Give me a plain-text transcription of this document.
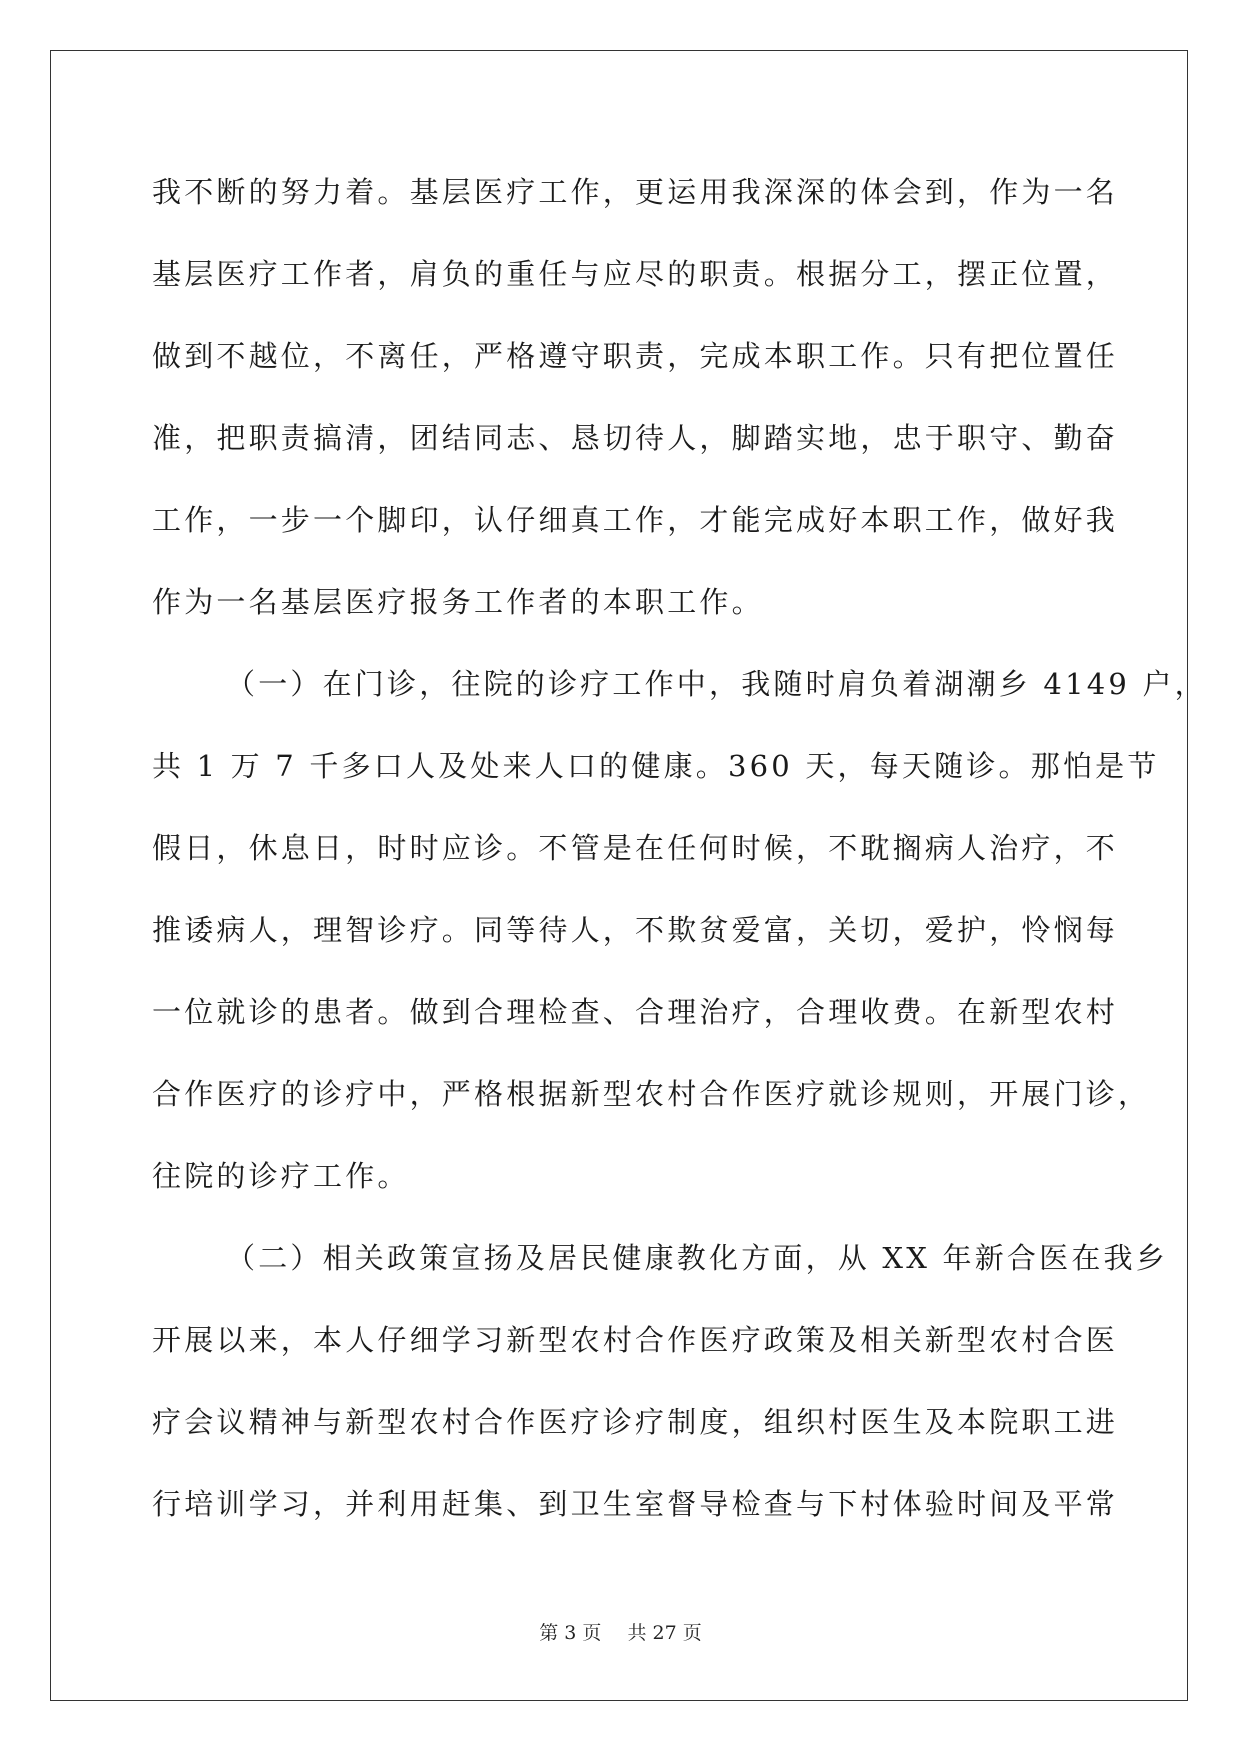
我不断的努力着。基层医疗工作，更运用我深深的体会到，作为一名
基层医疗工作者，肩负的重任与应尽的职责。根据分工，摆正位置，
做到不越位，不离任，严格遵守职责，完成本职工作。只有把位置任
准，把职责搞清，团结同志、恳切待人，脚踏实地，忠于职守、勤奋
工作，一步一个脚印，认仔细真工作，才能完成好本职工作，做好我
作为一名基层医疗报务工作者的本职工作。
（一）在门诊，往院的诊疗工作中，我随时肩负着湖潮乡 4149 户，
共 1 万 7 千多口人及处来人口的健康。360 天，每天随诊。那怕是节
假日，休息日，时时应诊。不管是在任何时候，不耽搁病人治疗，不
推诿病人，理智诊疗。同等待人，不欺贫爱富，关切，爱护，怜悯每
一位就诊的患者。做到合理检查、合理治疗，合理收费。在新型农村
合作医疗的诊疗中，严格根据新型农村合作医疗就诊规则，开展门诊，
往院的诊疗工作。
（二）相关政策宣扬及居民健康教化方面，从 XX 年新合医在我乡
开展以来，本人仔细学习新型农村合作医疗政策及相关新型农村合医
疗会议精神与新型农村合作医疗诊疗制度，组织村医生及本院职工进
行培训学习，并利用赶集、到卫生室督导检查与下村体验时间及平常
第 3 页 共 27 页
